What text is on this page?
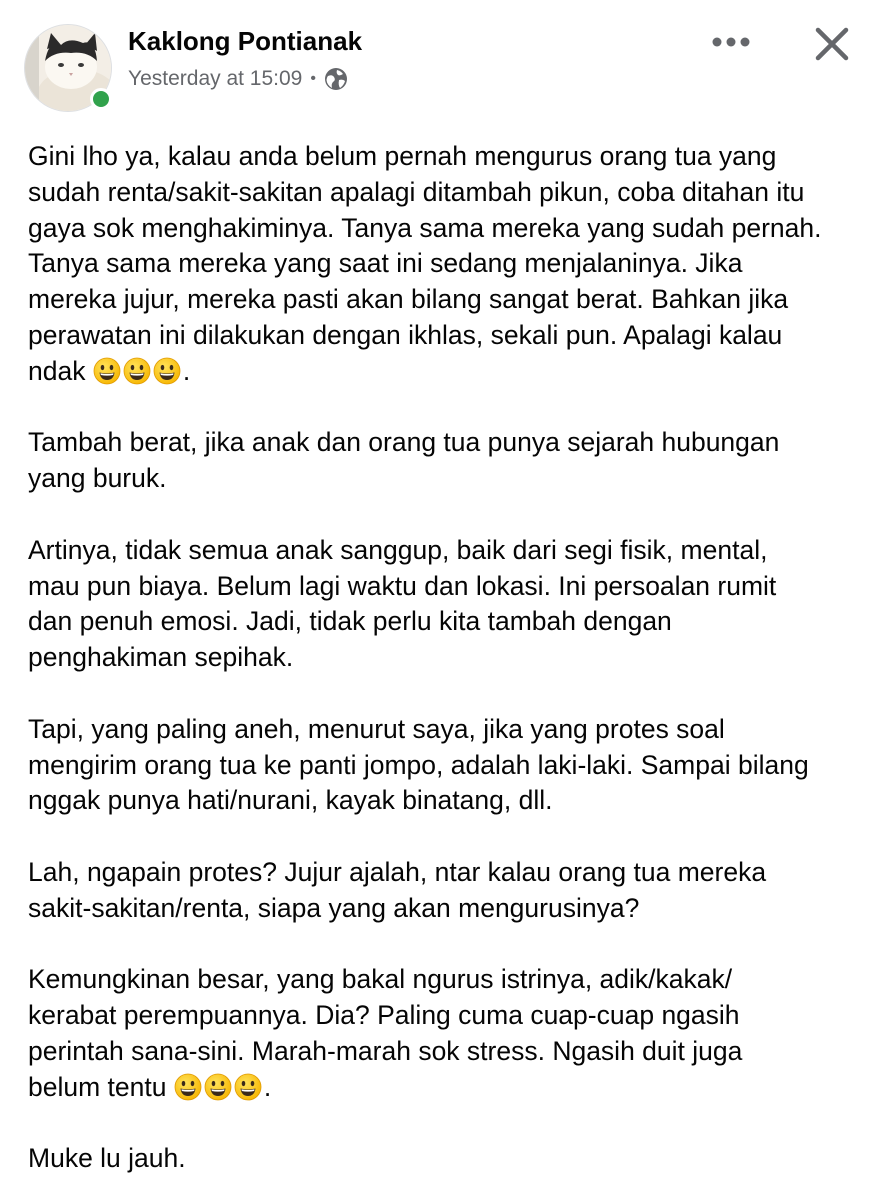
Kaklong Pontianak
Yesterday at 15:09 •
Gini lho ya, kalau anda belum pernah mengurus orang tua yang
sudah renta/sakit-sakitan apalagi ditambah pikun, coba ditahan itu
gaya sok menghakiminya. Tanya sama mereka yang sudah pernah.
Tanya sama mereka yang saat ini sedang menjalaninya. Jika
mereka jujur, mereka pasti akan bilang sangat berat. Bahkan jika
perawatan ini dilakukan dengan ikhlas, sekali pun. Apalagi kalau
ndak	.
Tambah berat, jika anak dan orang tua punya sejarah hubungan
yang buruk.
Artinya, tidak semua anak sanggup, baik dari segi fisik, mental,
mau pun biaya. Belum lagi waktu dan lokasi. Ini persoalan rumit
dan penuh emosi. Jadi, tidak perlu kita tambah dengan
penghakiman sepihak.
Tapi, yang paling aneh, menurut saya, jika yang protes soal
mengirim orang tua ke panti jompo, adalah laki-laki. Sampai bilang
nggak punya hati/nurani, kayak binatang, dll.
Lah, ngapain protes? Jujur ajalah, ntar kalau orang tua mereka
sakit-sakitan/renta, siapa yang akan mengurusinya?
Kemungkinan besar, yang bakal ngurus istrinya, adik/kakak/
kerabat perempuannya. Dia? Paling cuma cuap-cuap ngasih
perintah sana-sini. Marah-marah sok stress. Ngasih duit juga
belum tentu	.
Muke lu jauh.
